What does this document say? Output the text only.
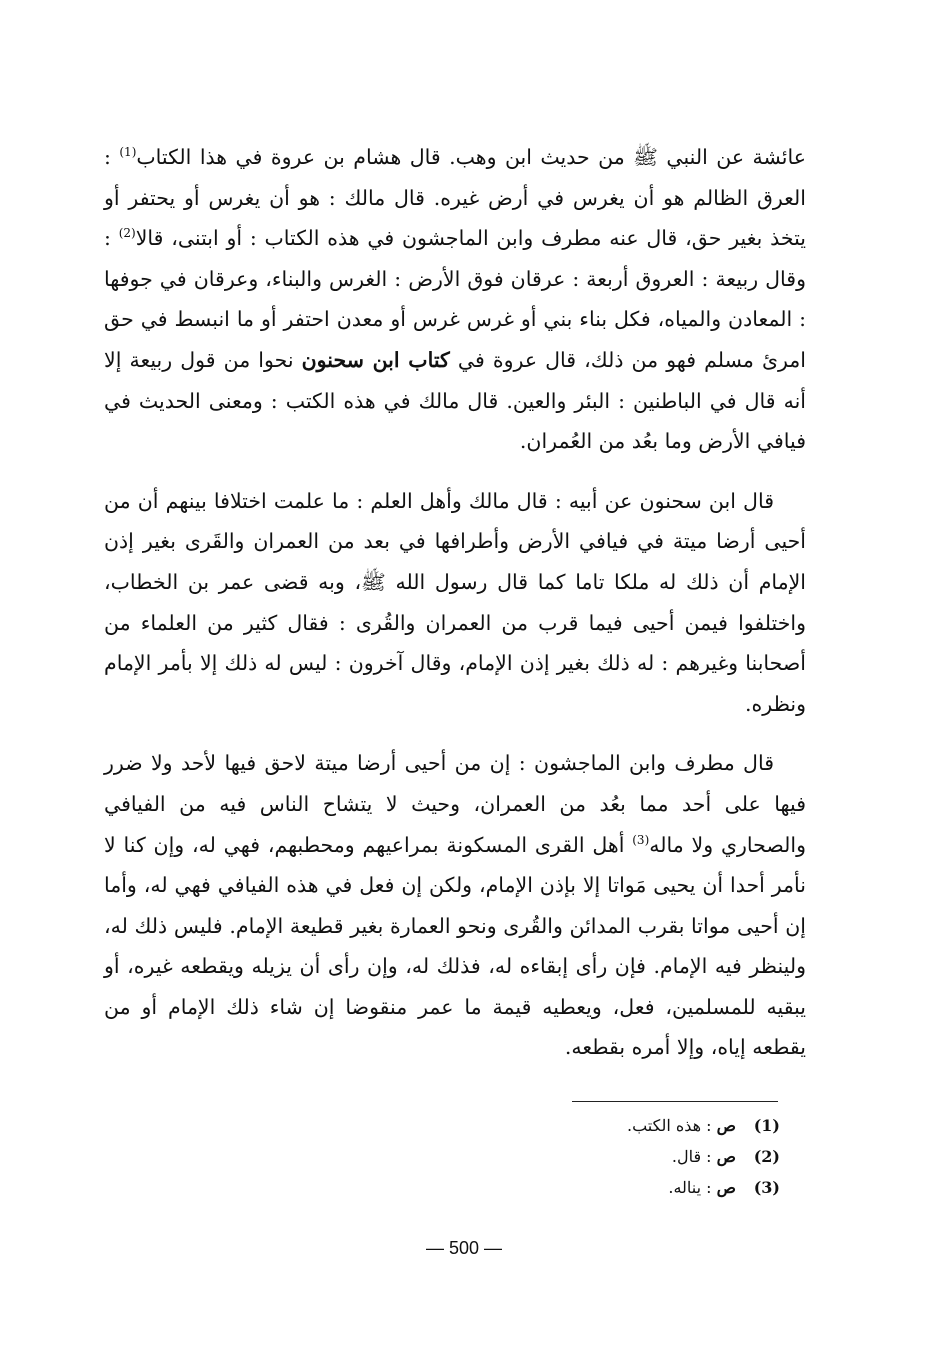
عائشة عن النبي ﷺ من حديث ابن وهب. قال هشام بن عروة في هذا الكتاب$^{(1)}$ : العرق الظالم هو أن يغرس في أرض غيره. قال مالك : هو أن يغرس أو يحتفر أو يتخذ بغير حق، قال عنه مطرف وابن الماجشون في هذه الكتاب : أو ابتنى، قالا$^{(2)}$ : وقال ربيعة : العروق أربعة : عرقان فوق الأرض : الغرس والبناء، وعرقان في جوفها : المعادن والمياه، فكل بناء بني أو غرس غرس أو معدن احتفر أو ما انبسط في حق امرئ مسلم فهو من ذلك، قال عروة في كتاب ابن سحنون نحوا من قول ربيعة إلا أنه قال في الباطنين : البئر والعين. قال مالك في هذه الكتب : ومعنى الحديث في فيافي الأرض وما بعُد من العُمران.

قال ابن سحنون عن أبيه : قال مالك وأهل العلم : ما علمت اختلافا بينهم أن من أحيى أرضا ميتة في فيافي الأرض وأطرافها في بعد من العمران والقَرى بغير إذن الإمام أن ذلك له ملكا تاما كما قال رسول الله ﷺ، وبه قضى عمر بن الخطاب، واختلفوا فيمن أحيى فيما قرب من العمران والقُرى : فقال كثير من العلماء من أصحابنا وغيرهم : له ذلك بغير إذن الإمام، وقال آخرون : ليس له ذلك إلا بأمر الإمام ونظره.

قال مطرف وابن الماجشون : إن من أحيى أرضا ميتة لاحق فيها لأحد ولا ضرر فيها على أحد مما بعُد من العمران، وحيث لا يتشاح الناس فيه من الفيافي والصحاري ولا ماله$^{(3)}$ أهل القرى المسكونة بمراعيهم ومحطبهم، فهي له، وإن كنا لا نأمر أحدا أن يحيى مَواتا إلا بإذن الإمام، ولكن إن فعل في هذه الفيافي فهي له، وأما إن أحيى مواتا بقرب المدائن والقُرى ونحو العمارة بغير قطيعة الإمام. فليس ذلك له، ولينظر فيه الإمام. فإن رأى إبقاءه له، فذلك له، وإن رأى أن يزيله ويقطعه غيره، أو يبقيه للمسلمين، فعل، ويعطيه قيمة ما عمر منقوضا إن شاء ذلك الإمام أو من يقطعه إياه، وإلا أمره بقطعه.

(1)
ص : هذه الكتب.
(2)
ص : قال.
(3)
ص : يناله.
— 500 —
